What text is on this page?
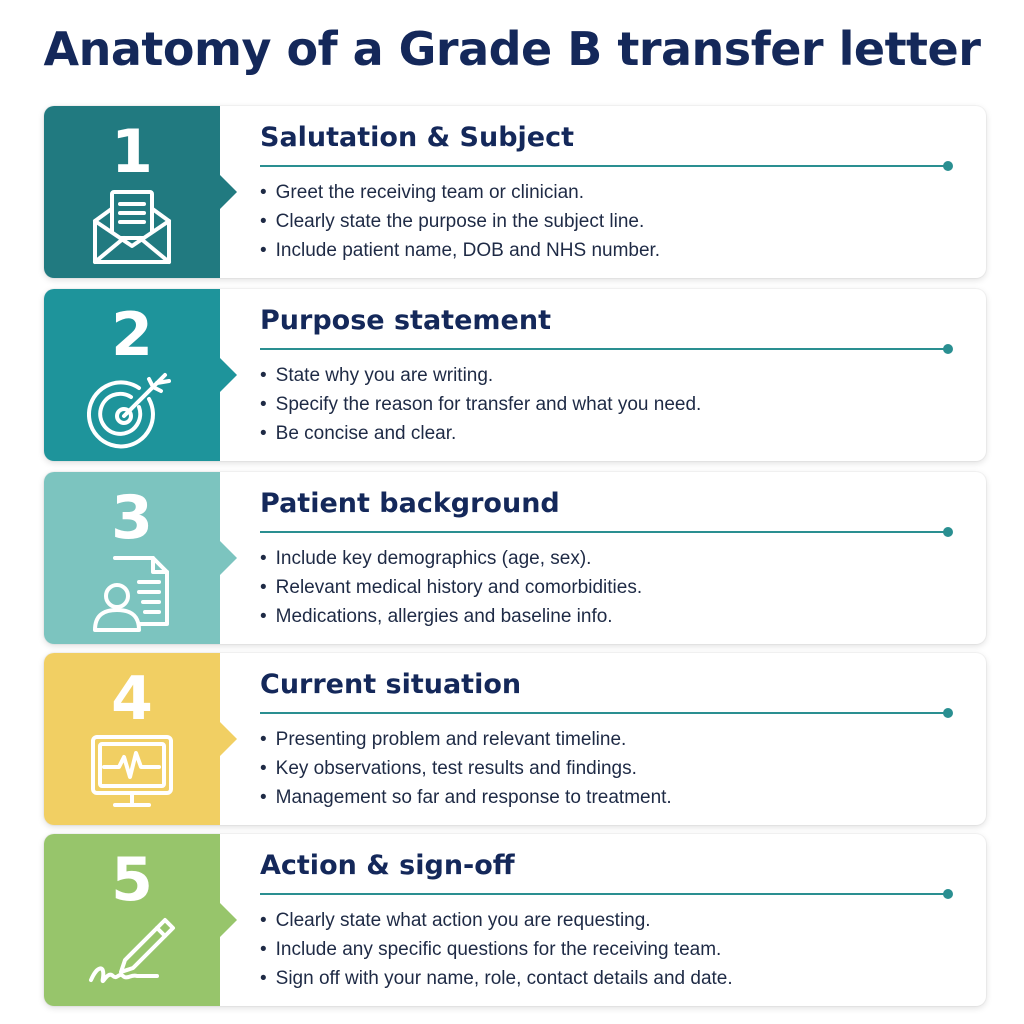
Anatomy of a Grade B transfer letter
1	Salutation & Subject
• Greet the receiving team or clinician.
• Clearly state the purpose in the subject line.
• Include patient name, DOB and NHS number.
2	Purpose statement
• State why you are writing.
• Specify the reason for transfer and what you need.
• Be concise and clear.
3	Patient background
• Include key demographics (age, sex).
• Relevant medical history and comorbidities.
• Medications, allergies and baseline info.
4	Current situation
• Presenting problem and relevant timeline.
• Key observations, test results and findings.
• Management so far and response to treatment.
5	Action & sign-off
• Clearly state what action you are requesting.
• Include any specific questions for the receiving team.
• Sign off with your name, role, contact details and date.
